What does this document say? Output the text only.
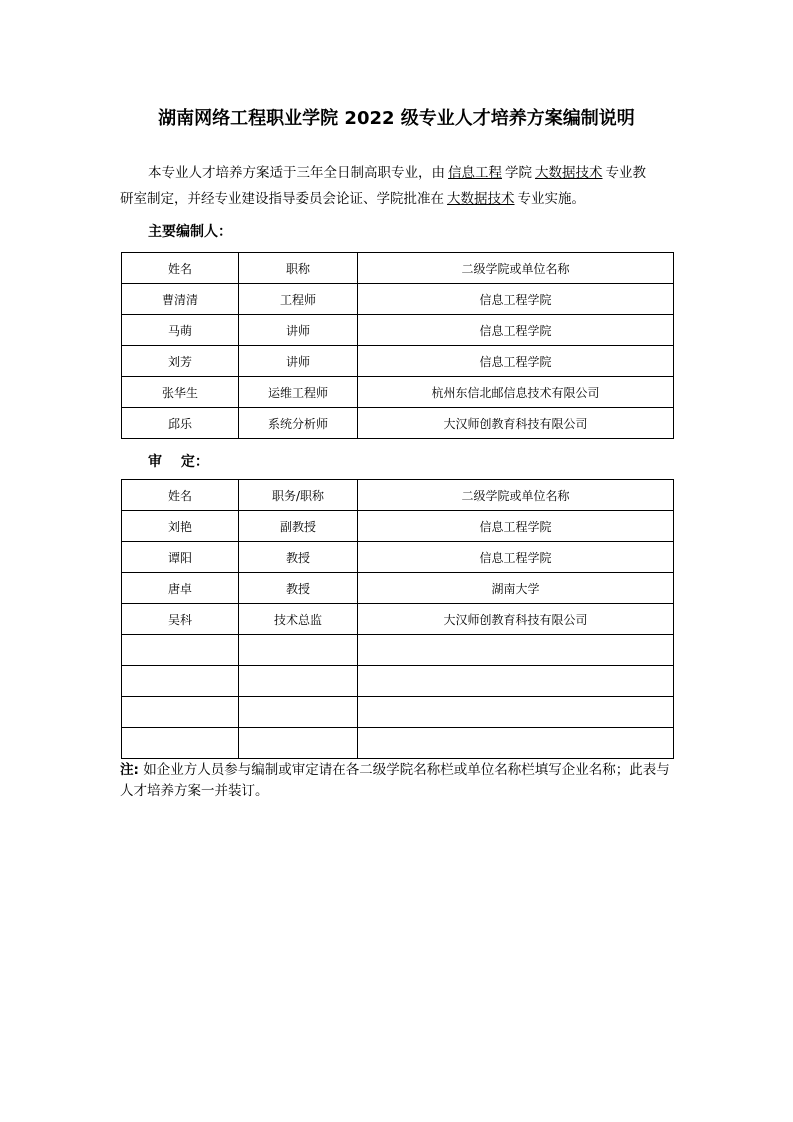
湖南网络工程职业学院 2022 级专业人才培养方案编制说明

本专业人才培养方案适于三年全日制高职专业，由 信息工程 学院 大数据技术 专业教

研室制定，并经专业建设指导委员会论证、学院批准在 大数据技术 专业实施。

主要编制人：
姓名	职称	二级学院或单位名称
曹清清	工程师	信息工程学院
马萌	讲师	信息工程学院
刘芳	讲师	信息工程学院
张华生	运维工程师	杭州东信北邮信息技术有限公司
邱乐	系统分析师	大汉师创教育科技有限公司
审　 定：
姓名	职务/职称	二级学院或单位名称
刘艳	副教授	信息工程学院
谭阳	教授	信息工程学院
唐卓	教授	湖南大学
吴科	技术总监	大汉师创教育科技有限公司

注: 如企业方人员参与编制或审定请在各二级学院名称栏或单位名称栏填写企业名称；此表与人才培养方案一并装订。
